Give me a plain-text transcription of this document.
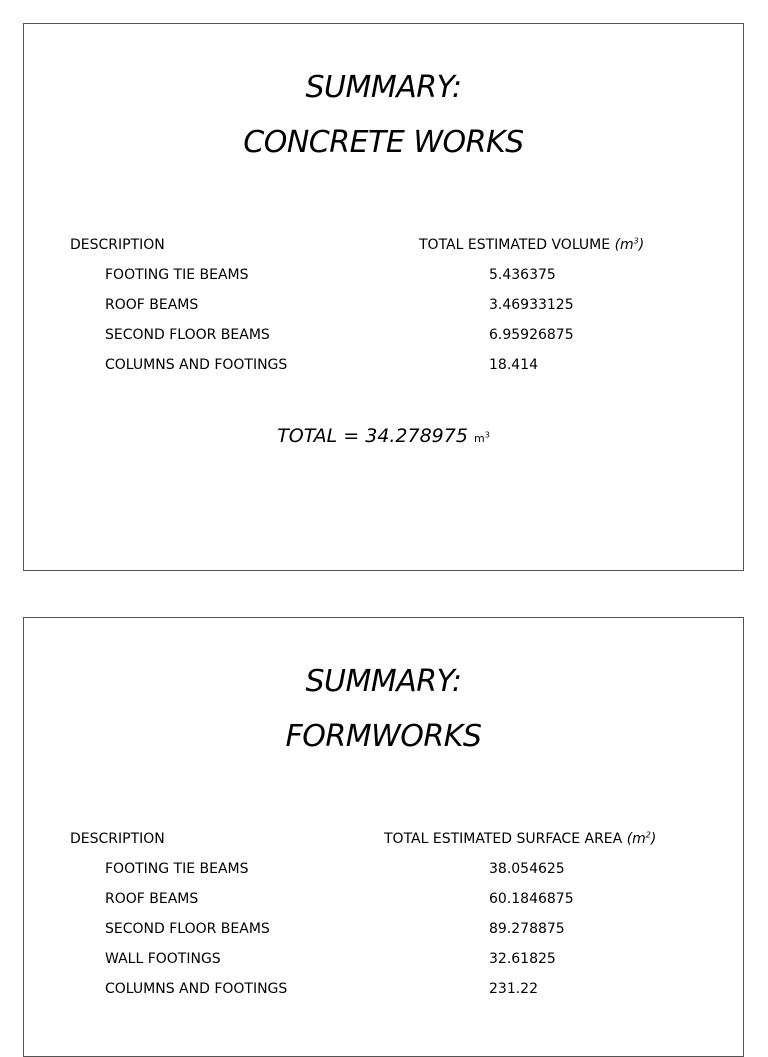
SUMMARY:
CONCRETE WORKS
DESCRIPTION	TOTAL ESTIMATED VOLUME $(m^3)$
FOOTING TIE BEAMS	5.436375
ROOF BEAMS	3.46933125
SECOND FLOOR BEAMS	6.95926875
COLUMNS AND FOOTINGS	18.414
TOTAL = 34.278975 $m^3$
SUMMARY:
FORMWORKS
DESCRIPTION	TOTAL ESTIMATED SURFACE AREA $(m^2)$
FOOTING TIE BEAMS	38.054625
ROOF BEAMS	60.1846875
SECOND FLOOR BEAMS	89.278875
WALL FOOTINGS	32.61825
COLUMNS AND FOOTINGS	231.22
